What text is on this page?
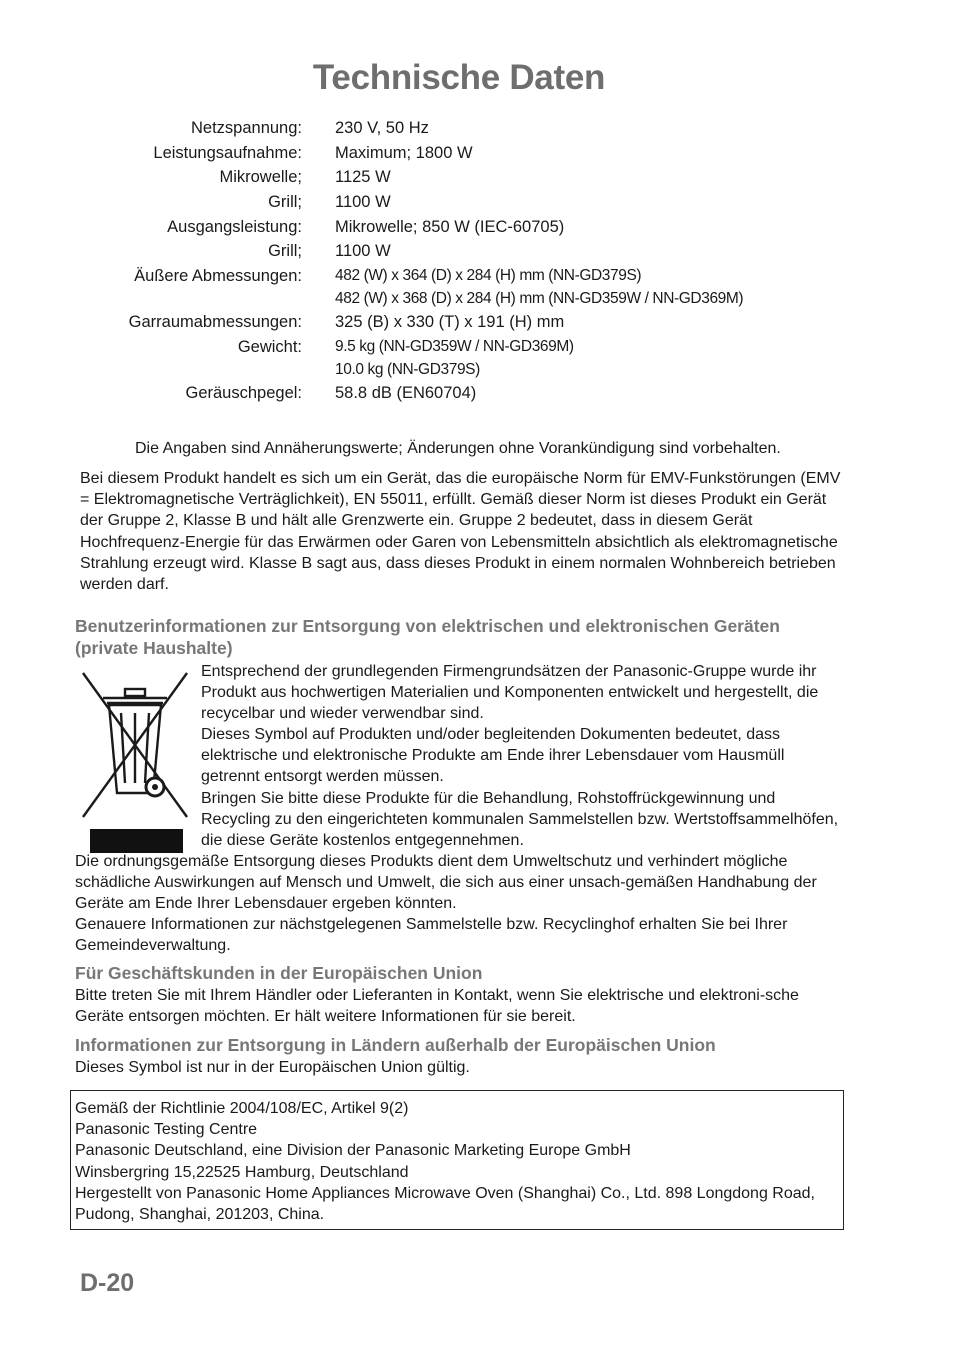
Technische Daten
Netzspannung: 230 V, 50 Hz
Leistungsaufnahme: Maximum; 1800 W
Mikrowelle; 1125 W
Grill; 1100 W
Ausgangsleistung: Mikrowelle; 850 W (IEC-60705)
Grill; 1100 W
Äußere Abmessungen: 482 (W) x 364 (D) x 284 (H) mm (NN-GD379S)
482 (W) x 368 (D) x 284 (H) mm (NN-GD359W / NN-GD369M)
Garraumabmessungen: 325 (B) x 330 (T) x 191 (H) mm
Gewicht: 9.5 kg (NN-GD359W / NN-GD369M)
10.0 kg (NN-GD379S)
Geräuschpegel: 58.8 dB (EN60704)
Die Angaben sind Annäherungswerte; Änderungen ohne Vorankündigung sind vorbehalten.

Bei diesem Produkt handelt es sich um ein Gerät, das die europäische Norm für EMV-Funkstörungen (EMV = Elektromagnetische Verträglichkeit), EN 55011, erfüllt. Gemäß dieser Norm ist dieses Produkt ein Gerät der Gruppe 2, Klasse B und hält alle Grenzwerte ein. Gruppe 2 bedeutet, dass in diesem Gerät Hochfrequenz-Energie für das Erwärmen oder Garen von Lebensmitteln absichtlich als elektromagnetische Strahlung erzeugt wird. Klasse B sagt aus, dass dieses Produkt in einem normalen Wohnbereich betrieben werden darf.

Benutzerinformationen zur Entsorgung von elektrischen und elektronischen Geräten (private Haushalte)

Entsprechend der grundlegenden Firmengrundsätzen der Panasonic-Gruppe wurde ihr Produkt aus hochwertigen Materialien und Komponenten entwickelt und hergestellt, die recycelbar und wieder verwendbar sind.

Dieses Symbol auf Produkten und/oder begleitenden Dokumenten bedeutet, dass elektrische und elektronische Produkte am Ende ihrer Lebensdauer vom Hausmüll getrennt entsorgt werden müssen.

Bringen Sie bitte diese Produkte für die Behandlung, Rohstoffrückgewinnung und Recycling zu den eingerichteten kommunalen Sammelstellen bzw. Wertstoffsammelhöfen, die diese Geräte kostenlos entgegennehmen.

Die ordnungsgemäße Entsorgung dieses Produkts dient dem Umweltschutz und verhindert mögliche schädliche Auswirkungen auf Mensch und Umwelt, die sich aus einer unsach-gemäßen Handhabung der Geräte am Ende Ihrer Lebensdauer ergeben könnten.

Genauere Informationen zur nächstgelegenen Sammelstelle bzw. Recyclinghof erhalten Sie bei Ihrer Gemeindeverwaltung.

Für Geschäftskunden in der Europäischen Union

Bitte treten Sie mit Ihrem Händler oder Lieferanten in Kontakt, wenn Sie elektrische und elektroni-sche Geräte entsorgen möchten. Er hält weitere Informationen für sie bereit.

Informationen zur Entsorgung in Ländern außerhalb der Europäischen Union

Dieses Symbol ist nur in der Europäischen Union gültig.

Gemäß der Richtlinie 2004/108/EC, Artikel 9(2)
Panasonic Testing Centre
Panasonic Deutschland, eine Division der Panasonic Marketing Europe GmbH
Winsbergring 15,22525 Hamburg, Deutschland
Hergestellt von Panasonic Home Appliances Microwave Oven (Shanghai) Co., Ltd. 898 Longdong Road, Pudong, Shanghai, 201203, China.
D-20
